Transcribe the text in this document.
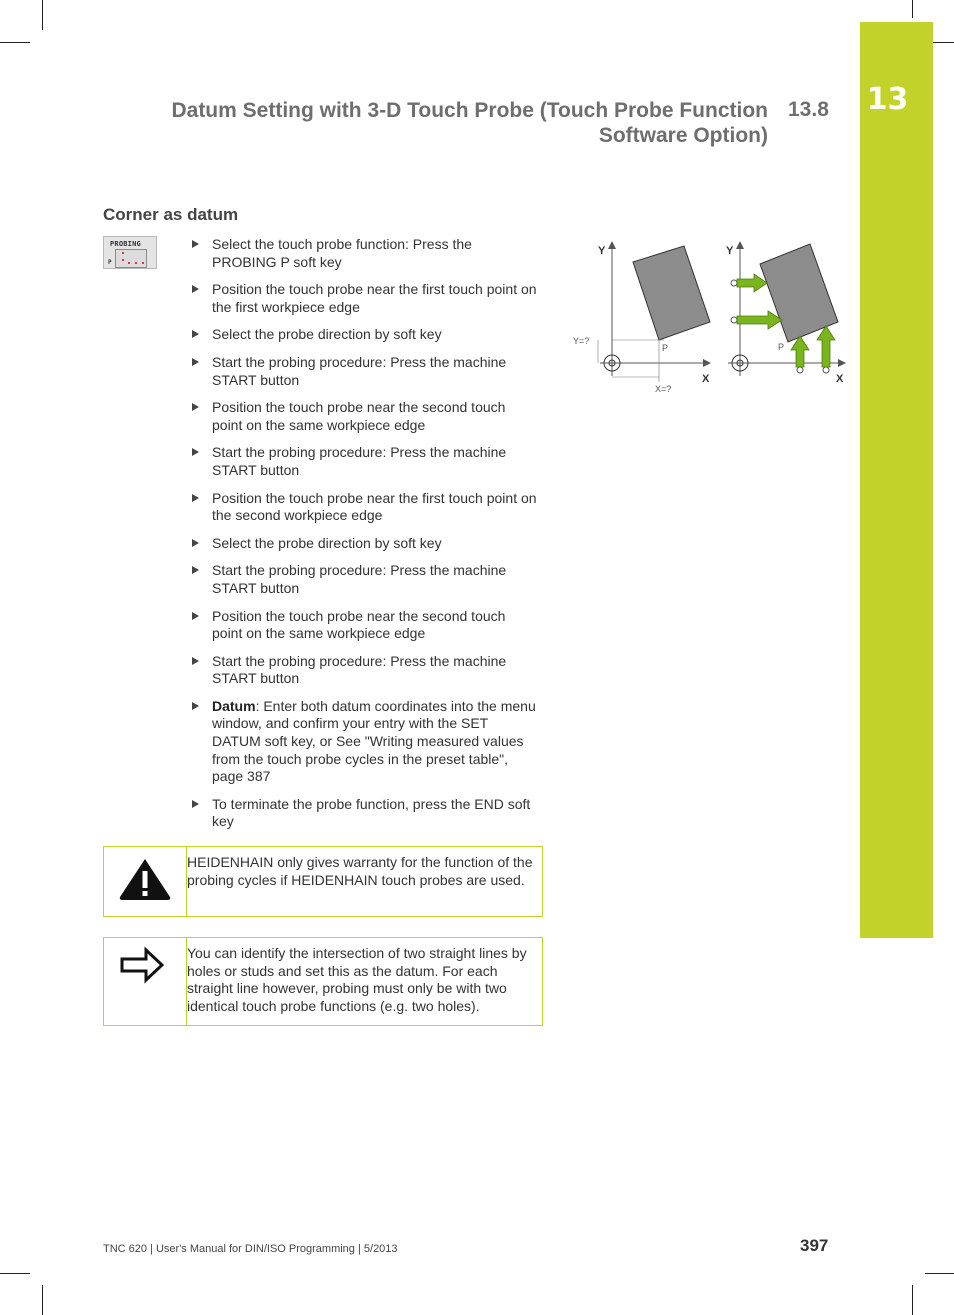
13
Datum Setting with 3-D Touch Probe (Touch Probe Function
Software Option)
13.8
Corner as datum
PROBING
P
Select the touch probe function: Press the PROBING P soft key
Position the touch probe near the first touch point on the first workpiece edge
Select the probe direction by soft key
Start the probing procedure: Press the machine START button
Position the touch probe near the second touch point on the same workpiece edge
Start the probing procedure: Press the machine START button
Position the touch probe near the first touch point on the second workpiece edge
Select the probe direction by soft key
Start the probing procedure: Press the machine START button
Position the touch probe near the second touch point on the same workpiece edge
Start the probing procedure: Press the machine START button
Datum: Enter both datum coordinates into the menu window, and confirm your entry with the SET DATUM soft key, or See "Writing measured values from the touch probe cycles in the preset table", page 387
To terminate the probe function, press the END soft key
HEIDENHAIN only gives warranty for the function of the probing cycles if HEIDENHAIN touch probes are used.
You can identify the intersection of two straight lines by holes or studs and set this as the datum. For each straight line however, probing must only be with two identical touch probe functions (e.g. two holes).
Y
X
Y=?
X=?
P
Y
X
P
TNC 620 | User's Manual for DIN/ISO Programming | 5/2013	397
